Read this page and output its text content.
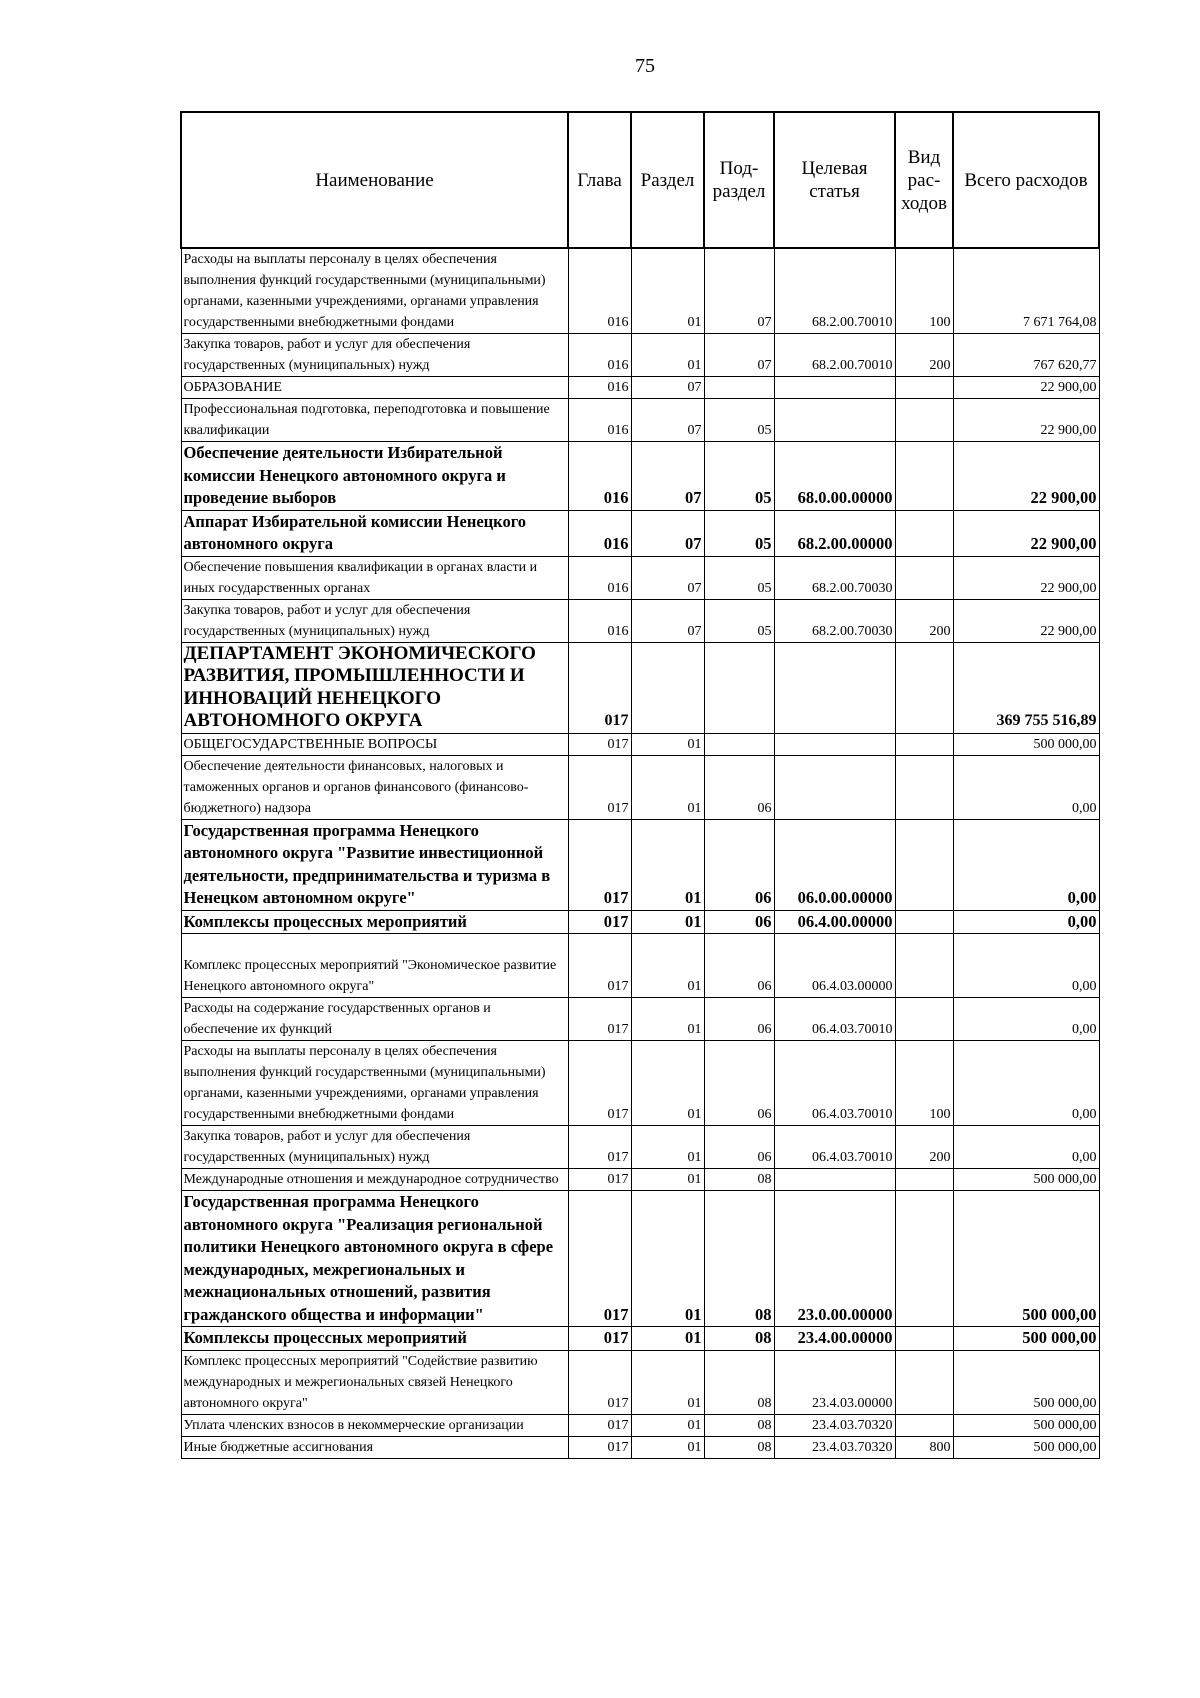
75
Наименование	Глава	Раздел	Под-раздел	Целевая статья	Вид рас-ходов	Всего расходов
Расходы на выплаты персоналу в целях обеспечения выполнения функций государственными (муниципальными) органами, казенными учреждениями, органами управления государственными внебюджетными фондами	016	01	07	68.2.00.70010	100	7 671 764,08
Закупка товаров, работ и услуг для обеспечения государственных (муниципальных) нужд	016	01	07	68.2.00.70010	200	767 620,77
ОБРАЗОВАНИЕ	016	07				22 900,00
Профессиональная подготовка, переподготовка и повышение квалификации	016	07	05			22 900,00
Обеспечение деятельности Избирательной комиссии Ненецкого автономного округа и проведение выборов	016	07	05	68.0.00.00000		22 900,00
Аппарат Избирательной комиссии Ненецкого автономного округа	016	07	05	68.2.00.00000		22 900,00
Обеспечение повышения квалификации в органах власти и иных государственных органах	016	07	05	68.2.00.70030		22 900,00
Закупка товаров, работ и услуг для обеспечения государственных (муниципальных) нужд	016	07	05	68.2.00.70030	200	22 900,00
ДЕПАРТАМЕНТ ЭКОНОМИЧЕСКОГО РАЗВИТИЯ, ПРОМЫШЛЕННОСТИ И ИННОВАЦИЙ НЕНЕЦКОГО АВТОНОМНОГО ОКРУГА	017					369 755 516,89
ОБЩЕГОСУДАРСТВЕННЫЕ ВОПРОСЫ	017	01				500 000,00
Обеспечение деятельности финансовых, налоговых и таможенных органов и органов финансового (финансово-бюджетного) надзора	017	01	06			0,00
Государственная программа Ненецкого автономного округа "Развитие инвестиционной деятельности, предпринимательства и туризма в Ненецком автономном округе"	017	01	06	06.0.00.00000		0,00
Комплексы процессных мероприятий	017	01	06	06.4.00.00000		0,00
Комплекс процессных мероприятий "Экономическое развитие Ненецкого автономного округа"	017	01	06	06.4.03.00000		0,00
Расходы на содержание государственных органов и обеспечение их функций	017	01	06	06.4.03.70010		0,00
Расходы на выплаты персоналу в целях обеспечения выполнения функций государственными (муниципальными) органами, казенными учреждениями, органами управления государственными внебюджетными фондами	017	01	06	06.4.03.70010	100	0,00
Закупка товаров, работ и услуг для обеспечения государственных (муниципальных) нужд	017	01	06	06.4.03.70010	200	0,00
Международные отношения и международное сотрудничество	017	01	08			500 000,00
Государственная программа Ненецкого автономного округа "Реализация региональной политики Ненецкого автономного округа в сфере международных, межрегиональных и межнациональных отношений, развития гражданского общества и информации"	017	01	08	23.0.00.00000		500 000,00
Комплексы процессных мероприятий	017	01	08	23.4.00.00000		500 000,00
Комплекс процессных мероприятий "Содействие развитию международных и межрегиональных связей Ненецкого автономного округа"	017	01	08	23.4.03.00000		500 000,00
Уплата членских взносов в некоммерческие организации	017	01	08	23.4.03.70320		500 000,00
Иные бюджетные ассигнования	017	01	08	23.4.03.70320	800	500 000,00
